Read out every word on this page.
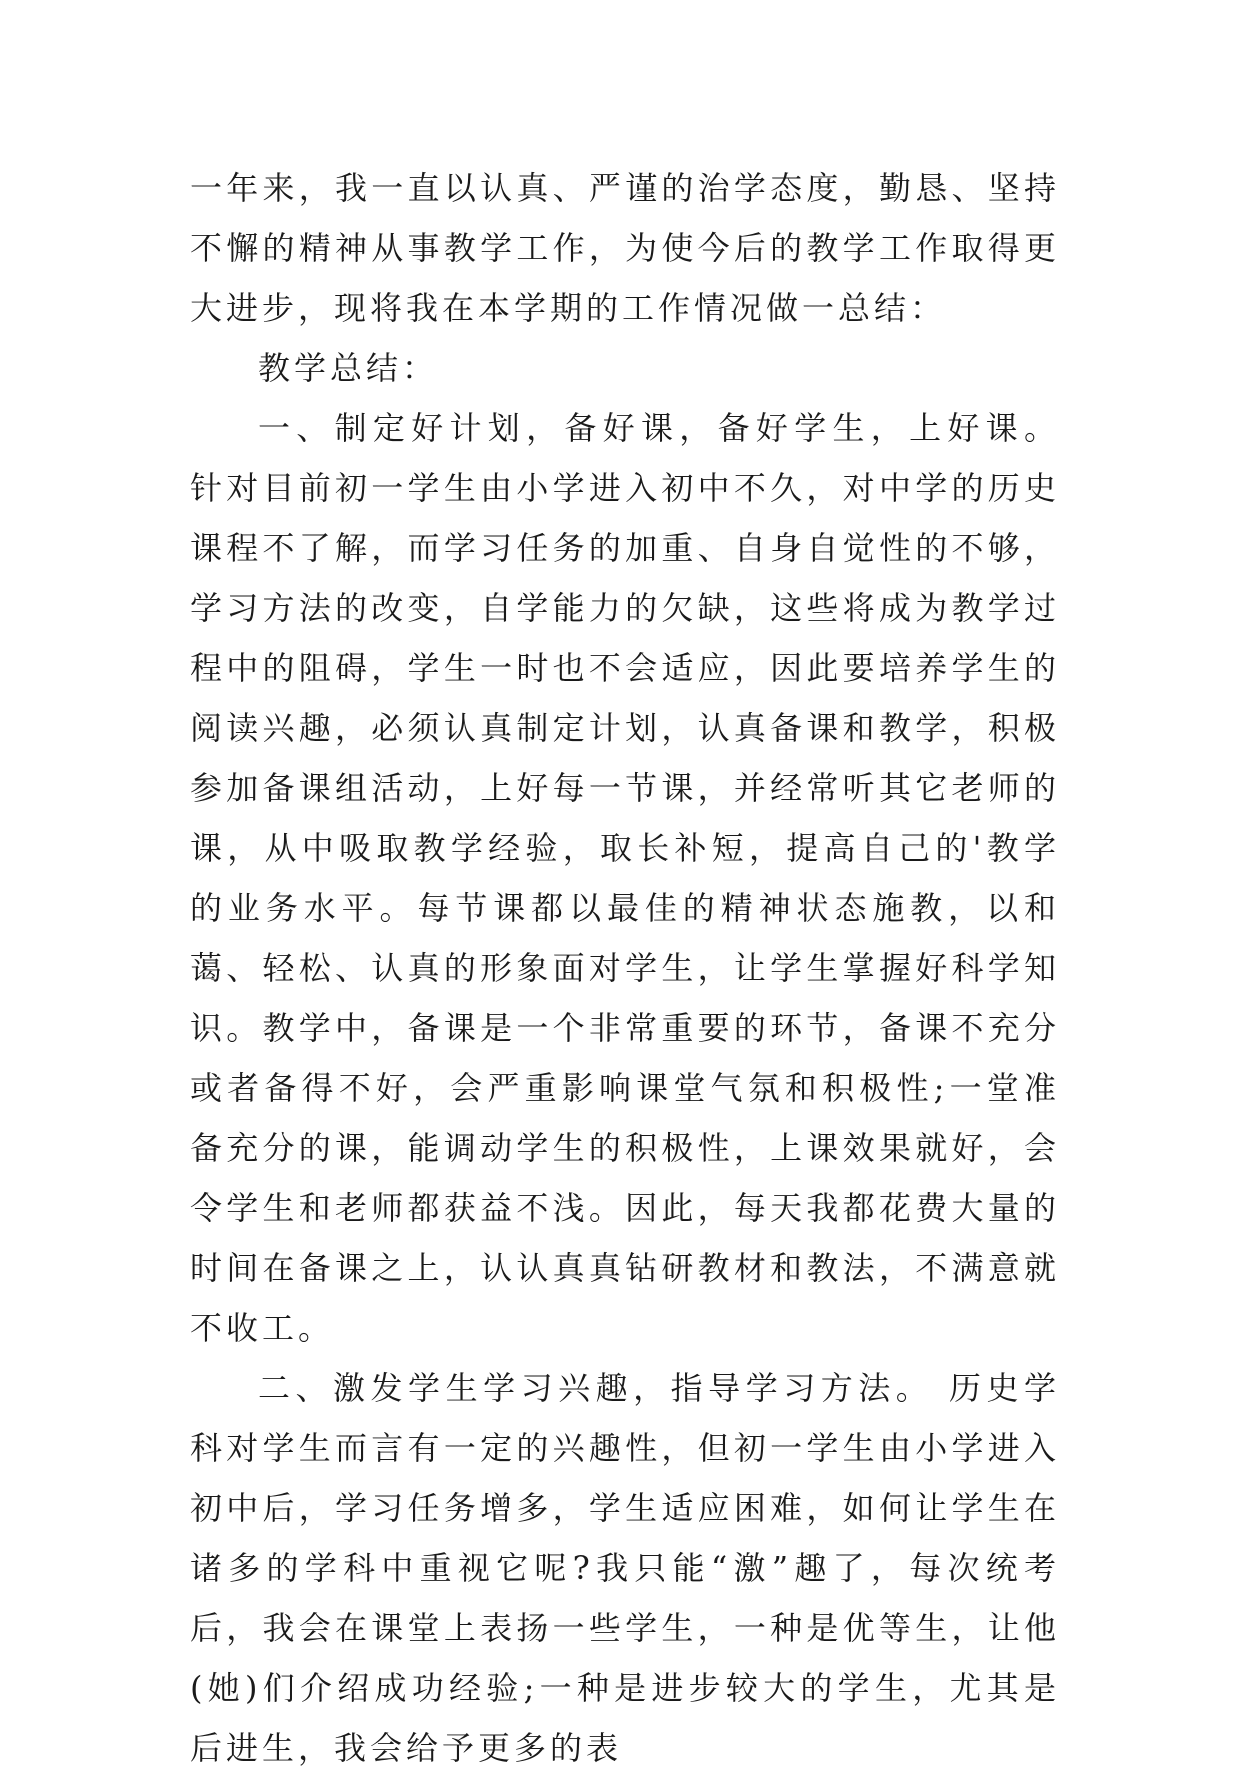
一年来，我一直以认真、严谨的治学态度，勤恳、坚持不懈的精神从事教学工作，为使今后的教学工作取得更大进步，现将我在本学期的工作情况做一总结：

教学总结：

一、制定好计划，备好课，备好学生，上好课。 针对目前初一学生由小学进入初中不久，对中学的历史课程不了解，而学习任务的加重、自身自觉性的不够，学习方法的改变，自学能力的欠缺，这些将成为教学过程中的阻碍，学生一时也不会适应，因此要培养学生的阅读兴趣，必须认真制定计划，认真备课和教学，积极参加备课组活动，上好每一节课，并经常听其它老师的课，从中吸取教学经验，取长补短，提高自己的'教学的业务水平。每节课都以最佳的精神状态施教，以和蔼、轻松、认真的形象面对学生，让学生掌握好科学知识。教学中，备课是一个非常重要的环节，备课不充分或者备得不好，会严重影响课堂气氛和积极性;一堂准备充分的课，能调动学生的积极性，上课效果就好，会令学生和老师都获益不浅。因此，每天我都花费大量的时间在备课之上，认认真真钻研教材和教法，不满意就不收工。

二、激发学生学习兴趣，指导学习方法。 历史学科对学生而言有一定的兴趣性，但初一学生由小学进入初中后，学习任务增多，学生适应困难，如何让学生在诸多的学科中重视它呢?我只能“激”趣了，每次统考后，我会在课堂上表扬一些学生，一种是优等生，让他(她)们介绍成功经验;一种是进步较大的学生，尤其是后进生，我会给予更多的表
